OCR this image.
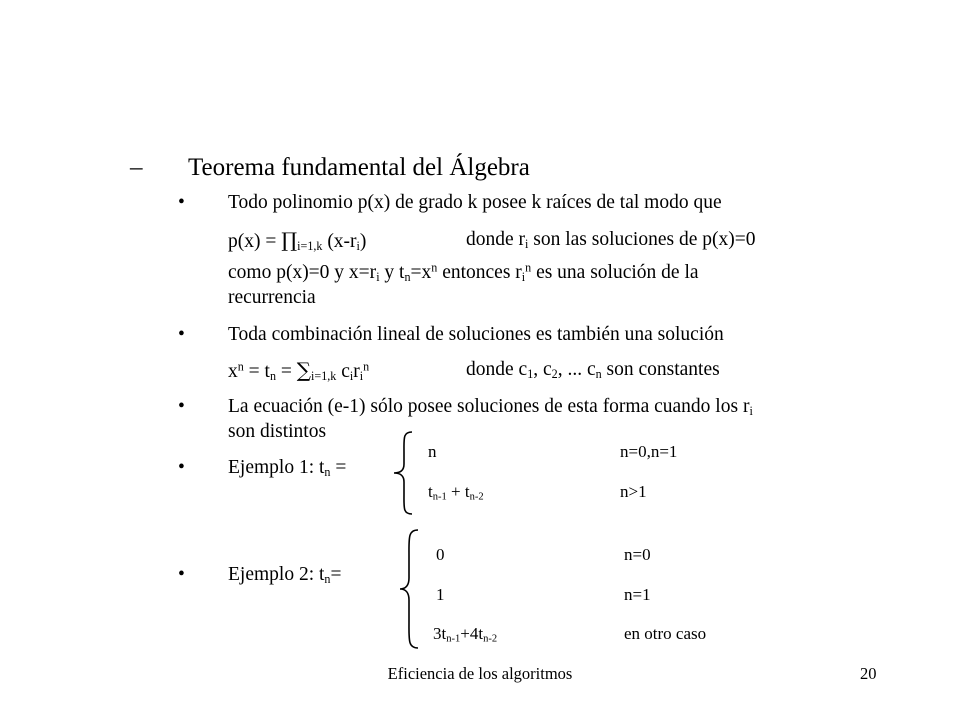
– Teorema fundamental del Álgebra
• Todo polinomio p(x) de grado k posee k raíces de tal modo que
$p(x) = \prod_{i=1,k}$ $(x-r_i)$	donde $r_i$ son las soluciones de p(x)=0
como p(x)=0 y $x=r_i$ y $t_n=x^n$ entonces $r_i^n$ es una solución de la
recurrencia
• Toda combinación lineal de soluciones es también una solución
$x^n = t_n = \sum_{i=1,k}$ $c_ir_i^n$	donde $c_1$, $c_2$, ... $c_n$ son constantes
• La ecuación (e-1) sólo posee soluciones de esta forma cuando los $r_i$
son distintos
• Ejemplo 1: $t_n$ =
n	n=0,n=1
$t_{n-1} + t_{n-2}$	n>1
• Ejemplo 2: $t_n=$
0	n=0
1	n=1
$3t_{n-1}+4t_{n-2}$	en otro caso
Eficiencia de los algoritmos	20
